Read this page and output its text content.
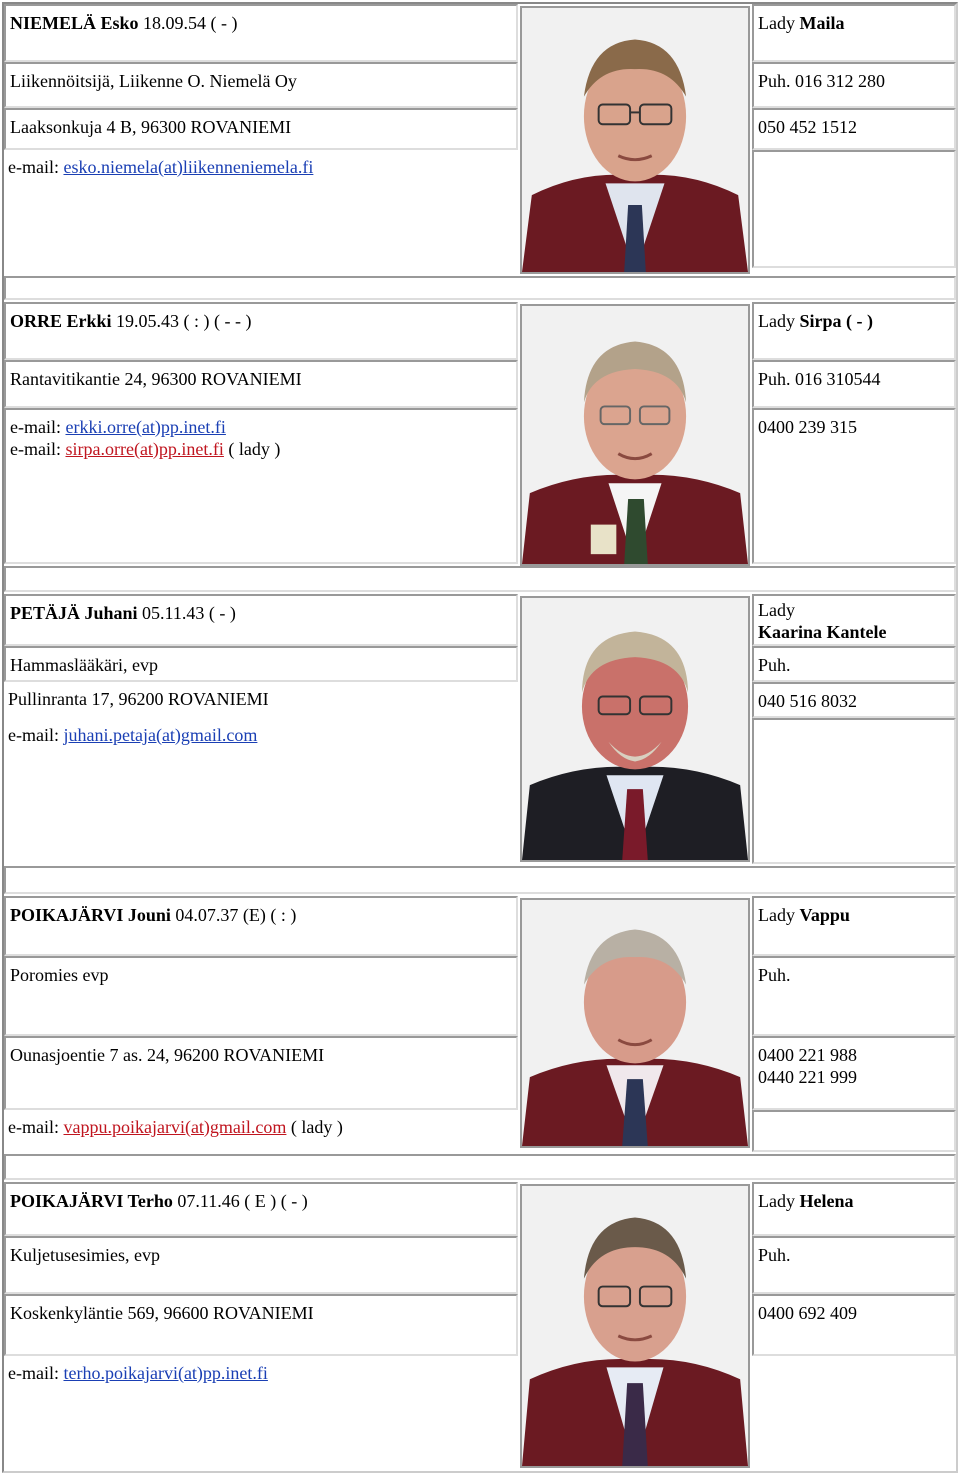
NIEMELÄ Esko 18.09.54 ( - )
Liikennöitsijä, Liikenne O. Niemelä Oy
Laaksonkuja 4 B, 96300 ROVANIEMI
e-mail: esko.niemela(at)liikenneniemela.fi
Lady Maila
Puh. 016 312 280
050 452 1512
ORRE Erkki 19.05.43 ( : ) ( - - )
Rantavitikantie 24, 96300 ROVANIEMI
e-mail: erkki.orre(at)pp.inet.fi
e-mail: sirpa.orre(at)pp.inet.fi ( lady )
Lady Sirpa ( - )
Puh. 016 310544
0400 239 315
PETÄJÄ Juhani 05.11.43 ( - )
Hammaslääkäri, evp
Pullinranta 17, 96200 ROVANIEMI
e-mail: juhani.petaja(at)gmail.com
Lady
Kaarina Kantele
Puh.
040 516 8032
POIKAJÄRVI Jouni 04.07.37 (E) ( : )
Poromies evp
Ounasjoentie 7 as. 24, 96200 ROVANIEMI
e-mail: vappu.poikajarvi(at)gmail.com ( lady )
Lady Vappu
Puh.
0400 221 988
0440 221 999
POIKAJÄRVI Terho 07.11.46 ( E ) ( - )
Kuljetusesimies, evp
Koskenkyläntie 569, 96600 ROVANIEMI
e-mail: terho.poikajarvi(at)pp.inet.fi
Lady Helena
Puh.
0400 692 409
